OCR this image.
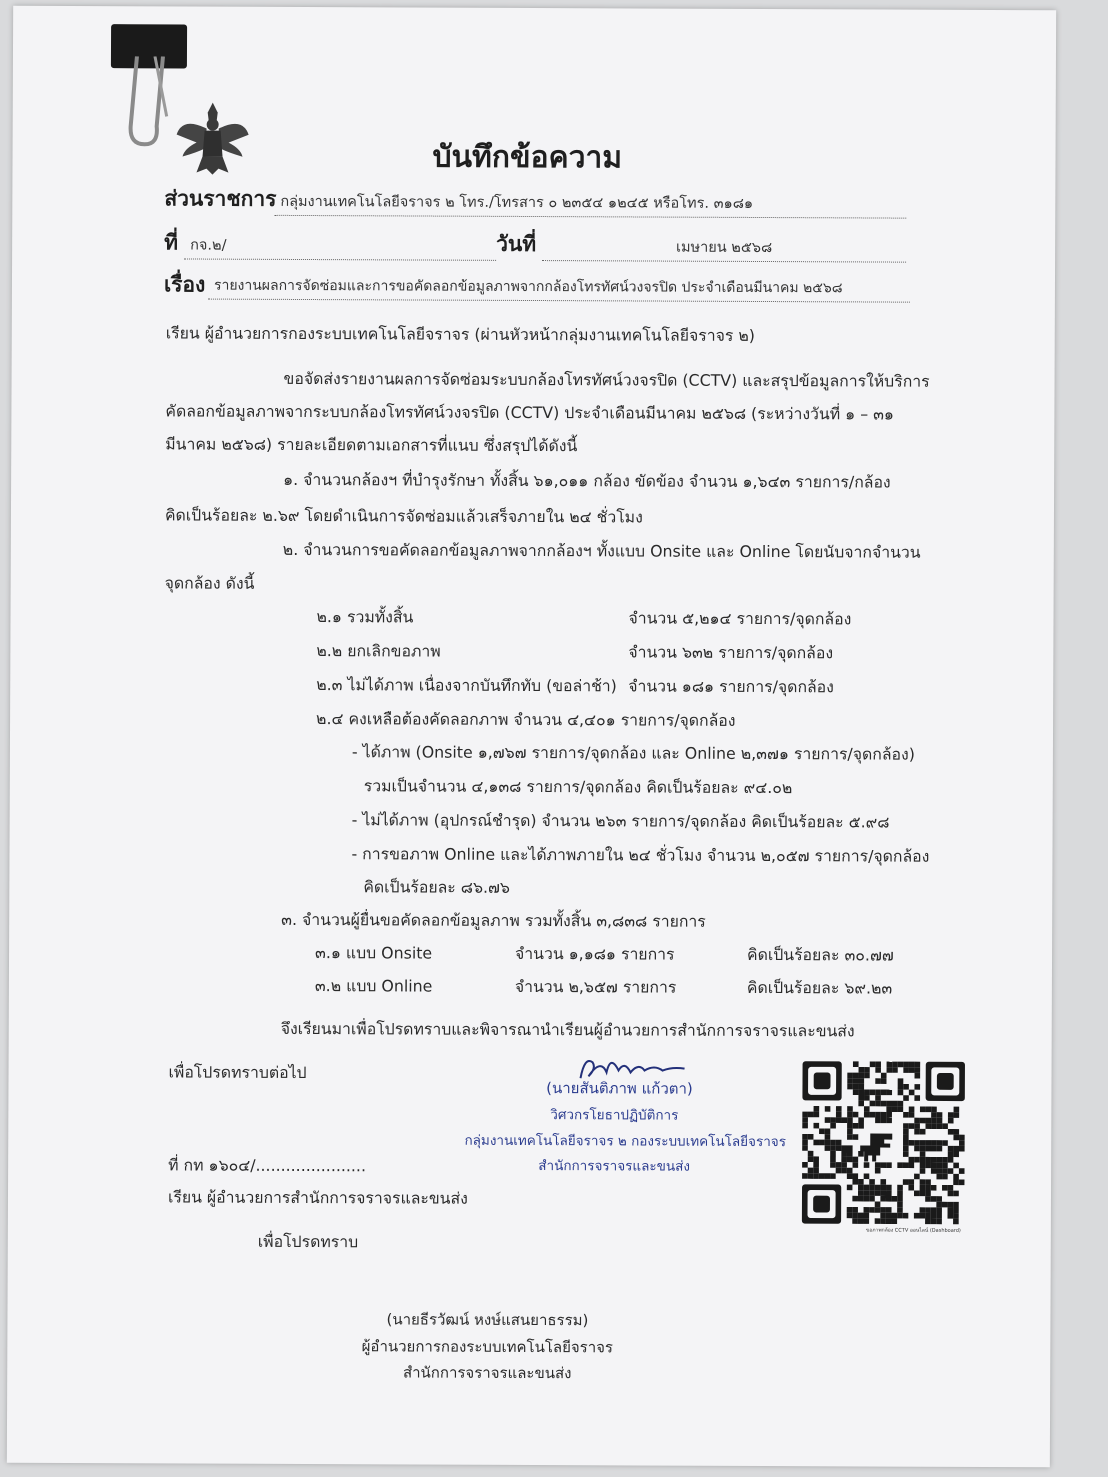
บันทึกข้อความ
ส่วนราชการ กลุ่มงานเทคโนโลยีจราจร ๒ โทร./โทรสาร ๐ ๒๓๕๔ ๑๒๔๕ หรือโทร. ๓๑๘๑
ที่ กจ.๒/	วันที่	เมษายน ๒๕๖๘
เรื่อง รายงานผลการจัดซ่อมและการขอคัดลอกข้อมูลภาพจากกล้องโทรทัศน์วงจรปิด ประจำเดือนมีนาคม ๒๕๖๘
เรียน ผู้อำนวยการกองระบบเทคโนโลยีจราจร (ผ่านหัวหน้ากลุ่มงานเทคโนโลยีจราจร ๒)
ขอจัดส่งรายงานผลการจัดซ่อมระบบกล้องโทรทัศน์วงจรปิด (CCTV) และสรุปข้อมูลการให้บริการ
คัดลอกข้อมูลภาพจากระบบกล้องโทรทัศน์วงจรปิด (CCTV) ประจำเดือนมีนาคม ๒๕๖๘ (ระหว่างวันที่ ๑ – ๓๑
มีนาคม ๒๕๖๘) รายละเอียดตามเอกสารที่แนบ ซึ่งสรุปได้ดังนี้
๑. จำนวนกล้องฯ ที่บำรุงรักษา ทั้งสิ้น ๖๑,๐๑๑ กล้อง ขัดข้อง จำนวน ๑,๖๔๓ รายการ/กล้อง
คิดเป็นร้อยละ ๒.๖๙ โดยดำเนินการจัดซ่อมแล้วเสร็จภายใน ๒๔ ชั่วโมง
๒. จำนวนการขอคัดลอกข้อมูลภาพจากกล้องฯ ทั้งแบบ Onsite และ Online โดยนับจากจำนวน
จุดกล้อง ดังนี้
๒.๑ รวมทั้งสิ้น	จำนวน ๕,๒๑๔ รายการ/จุดกล้อง
๒.๒ ยกเลิกขอภาพ	จำนวน ๖๓๒ รายการ/จุดกล้อง
๒.๓ ไม่ได้ภาพ เนื่องจากบันทึกทับ (ขอล่าช้า) จำนวน ๑๘๑ รายการ/จุดกล้อง
๒.๔ คงเหลือต้องคัดลอกภาพ จำนวน ๔,๔๐๑ รายการ/จุดกล้อง
- ได้ภาพ (Onsite ๑,๗๖๗ รายการ/จุดกล้อง และ Online ๒,๓๗๑ รายการ/จุดกล้อง)
รวมเป็นจำนวน ๔,๑๓๘ รายการ/จุดกล้อง คิดเป็นร้อยละ ๙๔.๐๒
- ไม่ได้ภาพ (อุปกรณ์ชำรุด) จำนวน ๒๖๓ รายการ/จุดกล้อง คิดเป็นร้อยละ ๕.๙๘
- การขอภาพ Online และได้ภาพภายใน ๒๔ ชั่วโมง จำนวน ๒,๐๕๗ รายการ/จุดกล้อง
คิดเป็นร้อยละ ๘๖.๗๖
๓. จำนวนผู้ยื่นขอคัดลอกข้อมูลภาพ รวมทั้งสิ้น ๓,๘๓๘ รายการ
๓.๑ แบบ Onsite	จำนวน ๑,๑๘๑ รายการ	คิดเป็นร้อยละ ๓๐.๗๗
๓.๒ แบบ Online	จำนวน ๒,๖๕๗ รายการ	คิดเป็นร้อยละ ๖๙.๒๓
จึงเรียนมาเพื่อโปรดทราบและพิจารณานำเรียนผู้อำนวยการสำนักการจราจรและขนส่ง
เพื่อโปรดทราบต่อไป
ที่ กท ๑๖๐๔/......................
เรียน ผู้อำนวยการสำนักการจราจรและขนส่ง
เพื่อโปรดทราบ
(นายสันติภาพ แก้วตา)
วิศวกรโยธาปฏิบัติการ
กลุ่มงานเทคโนโลยีจราจร ๒ กองระบบเทคโนโลยีจราจร
สำนักการจราจรและขนส่ง
ขอภาพกล้อง CCTV ออนไลน์ (Dashboard)
(นายธีรวัฒน์ หงษ์แสนยาธรรม)
ผู้อำนวยการกองระบบเทคโนโลยีจราจร
สำนักการจราจรและขนส่ง
